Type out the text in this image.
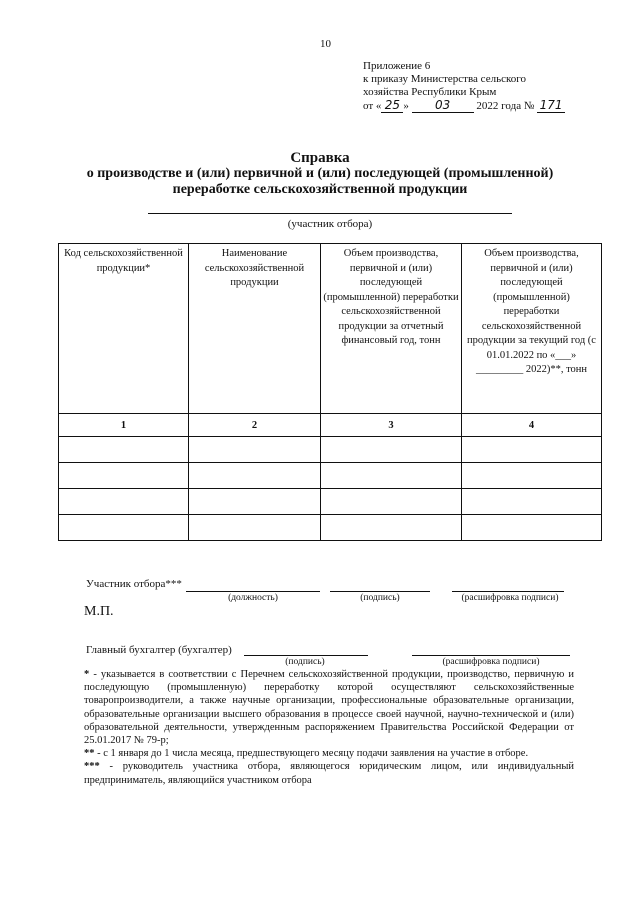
10
Приложение 6
к приказу Министерства сельского
хозяйства Республики Крым
от « 25 » 03 2022 года № 171
Справка
о производстве и (или) первичной и (или) последующей (промышленной)
переработке сельскохозяйственной продукции
(участник отбора)
Код сельскохозяйственной продукции*	Наименование сельскохозяйственной продукции	Объем производства, первичной и (или) последующей (промышленной) переработки сельскохозяйственной продукции за отчетный финансовый год, тонн	Объем производства, первичной и (или) последующей (промышленной) переработки сельскохозяйственной продукции за текущий год (с 01.01.2022 по «___» _________ 2022)**, тонн
1	2	3	4

Участник отбора***
(должность)	(подпись)	(расшифровка подписи)
М.П.
Главный бухгалтер (бухгалтер)
(подпись)	(расшифровка подписи)

* - указывается в соответствии с Перечнем сельскохозяйственной продукции, производство, первичную и последующую (промышленную) переработку которой осуществляют сельскохозяйственные товаропроизводители, а также научные организации, профессиональные образовательные организации, образовательные организации высшего образования в процессе своей научной, научно-технической и (или) образовательной деятельности, утвержденным распоряжением Правительства Российской Федерации от 25.01.2017 № 79-р;

** - с 1 января до 1 числа месяца, предшествующего месяцу подачи заявления на участие в отборе.

*** - руководитель участника отбора, являющегося юридическим лицом, или индивидуальный предприниматель, являющийся участником отбора
